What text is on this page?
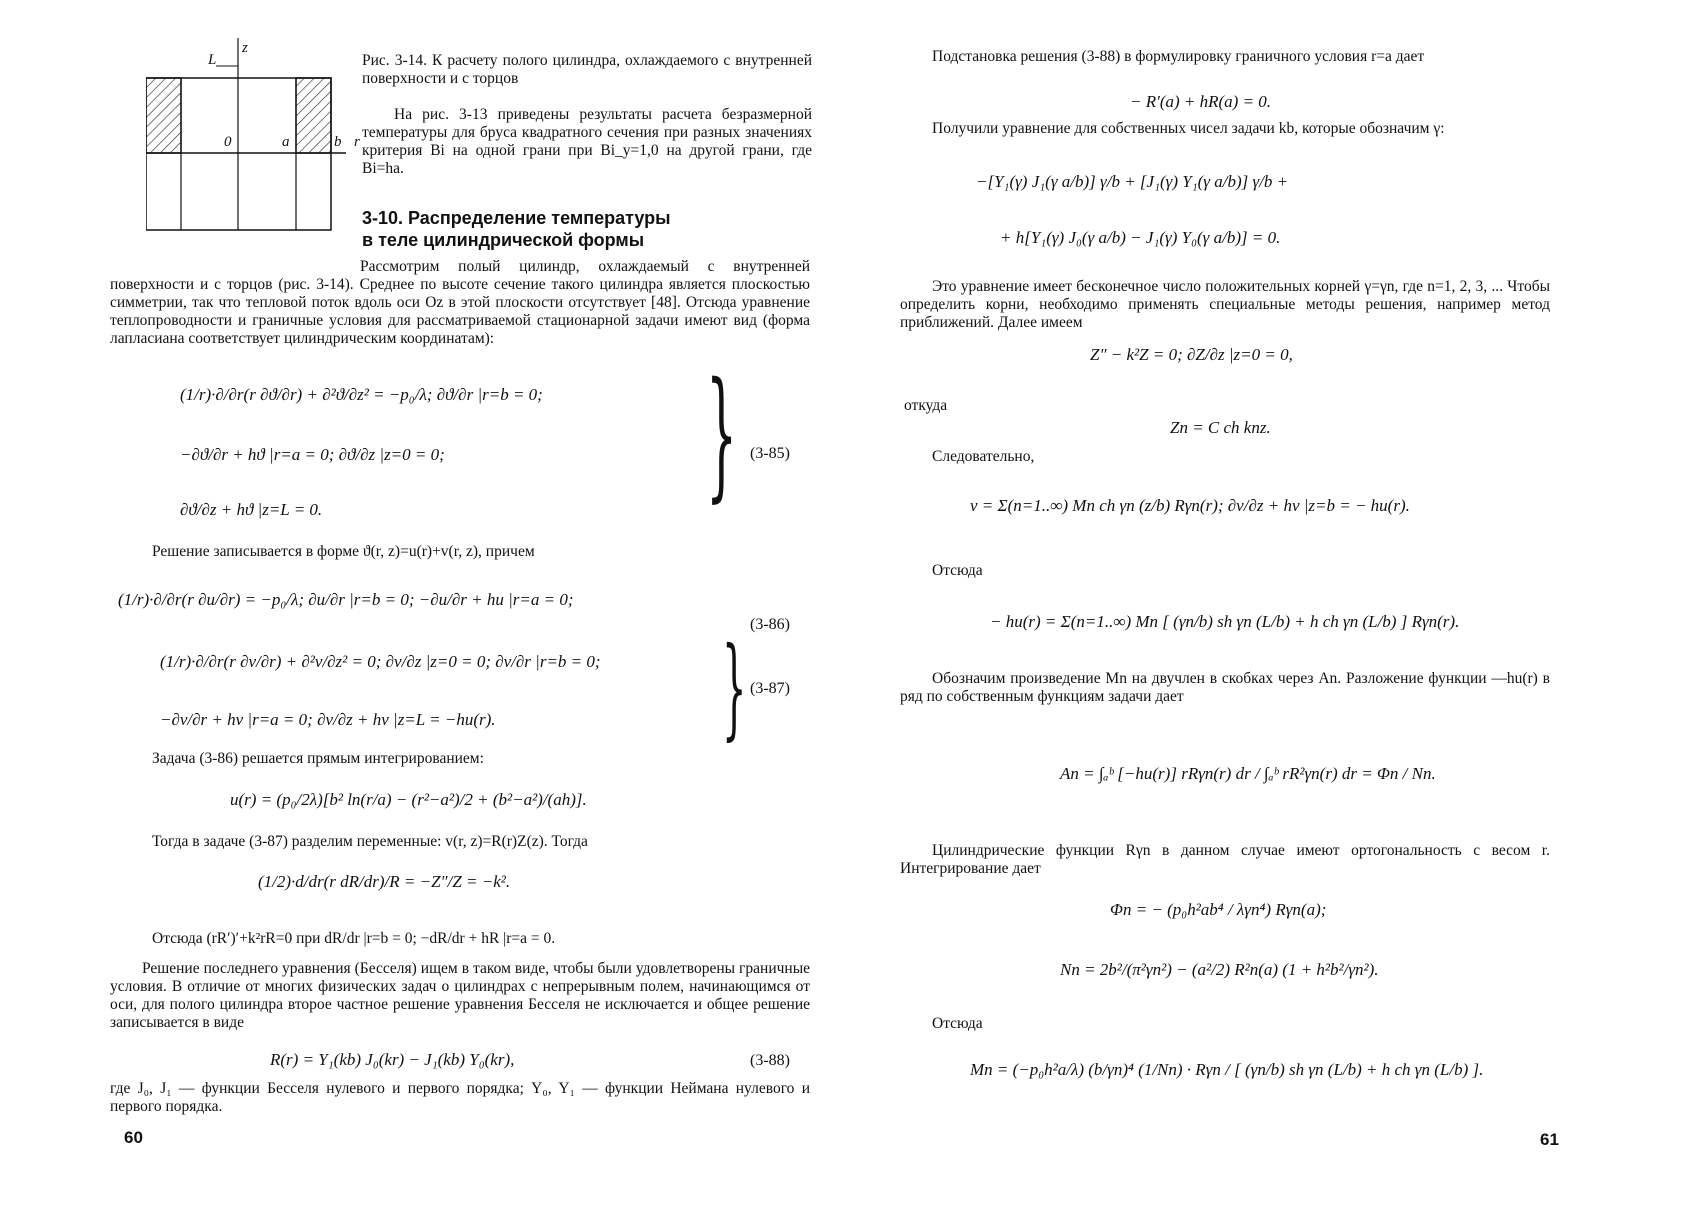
L
z
0	a	b r

Рис. 3-14. К расчету полого цилиндра, охлаждаемого с внутренней поверхности и с торцов

На рис. 3-13 приведены результаты расчета безразмерной температуры для бруса квадратного сечения при разных значениях критерия Bi на одной грани при Bi_y=1,0 на другой грани, где Bi=ha.

3-10. Распределение температуры
в теле цилиндрической формы

Рассмотрим полый цилиндр, охлаждаемый с внутренней поверхности и с торцов (рис. 3-14). Среднее по высоте сечение такого цилиндра является плоскостью симметрии, так что тепловой поток вдоль оси Oz в этой плоскости отсутствует [48]. Отсюда уравнение теплопроводности и граничные условия для рассматриваемой стационарной задачи имеют вид (форма лапласиана соответствует цилиндрическим координатам):

(1/r)·∂/∂r(r ∂ϑ/∂r) + ∂²ϑ/∂z² = −p₀/λ; ∂ϑ/∂r |r=b = 0;
−∂ϑ/∂r + hϑ |r=a = 0; ∂ϑ/∂z |z=0 = 0;
∂ϑ/∂z + hϑ |z=L = 0.	} (3-85)

Решение записывается в форме ϑ(r, z)=u(r)+v(r, z), причем

(1/r)·∂/∂r(r ∂u/∂r) = −p₀/λ; ∂u/∂r |r=b = 0; −∂u/∂r + hu |r=a = 0;
(3-86)
(1/r)·∂/∂r(r ∂v/∂r) + ∂²v/∂z² = 0; ∂v/∂z |z=0 = 0; ∂v/∂r |r=b = 0;
−∂v/∂r + hv |r=a = 0; ∂v/∂z + hv |z=L = −hu(r). } (3-87)

Задача (3-86) решается прямым интегрированием:

u(r) = (p₀/2λ)[b² ln(r/a) − (r²−a²)/2 + (b²−a²)/(ah)].

Тогда в задаче (3-87) разделим переменные: v(r, z)=R(r)Z(z). Тогда

(1/2)·d/dr(r dR/dr)/R = −Z″/Z = −k².

Отсюда (rR′)′+k²rR=0 при dR/dr |r=b = 0; −dR/dr + hR |r=a = 0.

Решение последнего уравнения (Бесселя) ищем в таком виде, чтобы были удовлетворены граничные условия. В отличие от многих физических задач о цилиндрах с непрерывным полем, начинающимся от оси, для полого цилиндра второе частное решение уравнения Бесселя не исключается и общее решение записывается в виде

R(r) = Y₁(kb) J₀(kr) − J₁(kb) Y₀(kr),	(3-88)

где J₀, J₁ — функции Бесселя нулевого и первого порядка; Y₀, Y₁ — функции Неймана нулевого и первого порядка.

60

Подстановка решения (3-88) в формулировку граничного условия r=a дает

− R′(a) + hR(a) = 0.

Получили уравнение для собственных чисел задачи kb, которые обозначим γ:

−[Y₁(γ) J₁(γ a/b)] γ/b + [J₁(γ) Y₁(γ a/b)] γ/b +
+ h[Y₁(γ) J₀(γ a/b) − J₁(γ) Y₀(γ a/b)] = 0.

Это уравнение имеет бесконечное число положительных корней γ=γn, где n=1, 2, 3, ... Чтобы определить корни, необходимо применять специальные методы решения, например метод приближений. Далее имеем

Z″ − k²Z = 0; ∂Z/∂z |z=0 = 0,

откуда

Zn = C ch knz.

Следовательно,

v = Σ(n=1..∞) Mn ch γn (z/b) Rγn(r); ∂v/∂z + hv |z=b = − hu(r).

Отсюда

− hu(r) = Σ(n=1..∞) Mn [ (γn/b) sh γn (L/b) + h ch γn (L/b) ] Rγn(r).

Обозначим произведение Mn на двучлен в скобках через An. Разложение функции —hu(r) в ряд по собственным функциям задачи дает

An = ∫ₐᵇ [−hu(r)] rRγn(r) dr / ∫ₐᵇ rR²γn(r) dr = Φn / Nn.

Цилиндрические функции Rγn в данном случае имеют ортогональность с весом r. Интегрирование дает

Φn = − (p₀h²ab⁴ / λγn⁴) Rγn(a);
Nn = 2b²/(π²γn²) − (a²/2) R²n(a) (1 + h²b²/γn²).

Отсюда

Mn = (−p₀h²a/λ) (b/γn)⁴ (1/Nn) · Rγn / [ (γn/b) sh γn (L/b) + h ch γn (L/b) ].
61
